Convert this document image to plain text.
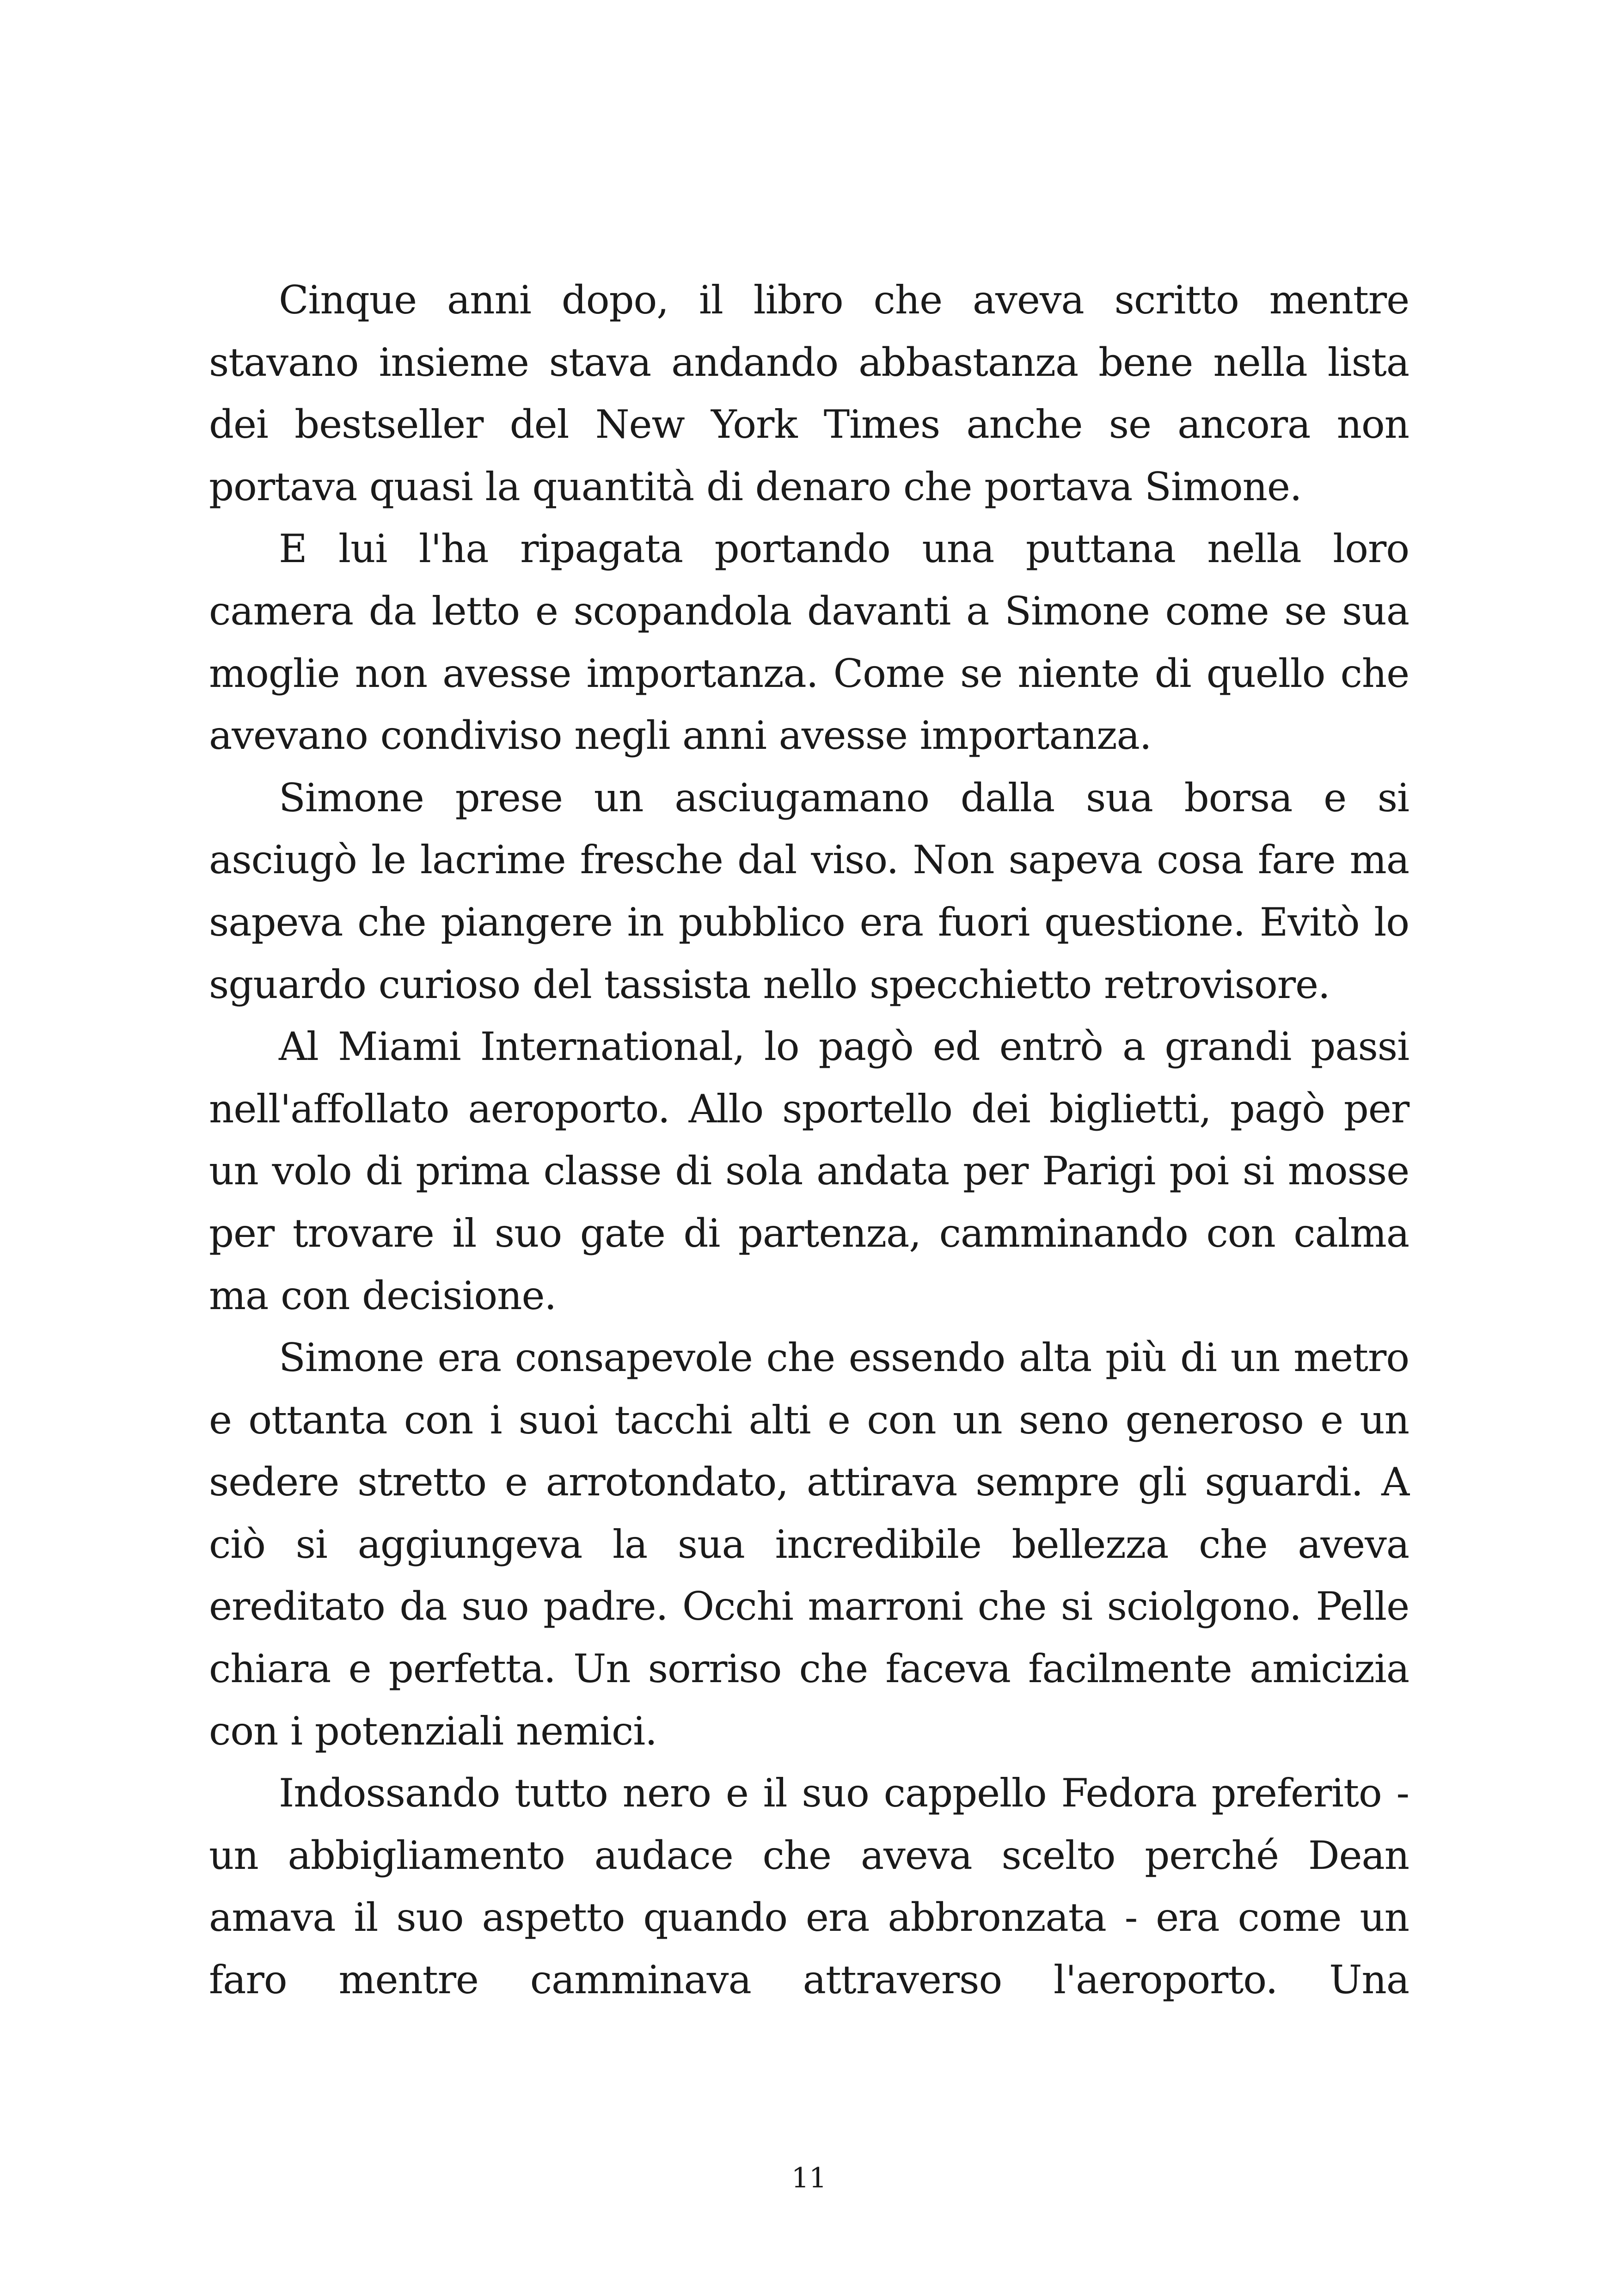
Cinque anni dopo, il libro che aveva scritto mentre stavano insieme stava andando abbastanza bene nella lista dei bestseller del New York Times anche se ancora non portava quasi la quantità di denaro che portava Simone.

E lui l'ha ripagata portando una puttana nella loro camera da letto e scopandola davanti a Simone come se sua moglie non avesse importanza. Come se niente di quello che avevano condiviso negli anni avesse importanza.

Simone prese un asciugamano dalla sua borsa e si asciugò le lacrime fresche dal viso. Non sapeva cosa fare ma sapeva che piangere in pubblico era fuori questione. Evitò lo sguardo curioso del tassista nello specchietto retrovisore.

Al Miami International, lo pagò ed entrò a grandi passi nell'affollato aeroporto. Allo sportello dei biglietti, pagò per un volo di prima classe di sola andata per Parigi poi si mosse per trovare il suo gate di partenza, camminando con calma ma con decisione.

Simone era consapevole che essendo alta più di un metro e ottanta con i suoi tacchi alti e con un seno generoso e un sedere stretto e arrotondato, attirava sempre gli sguardi. A ciò si aggiungeva la sua incredibile bellezza che aveva ereditato da suo padre. Occhi marroni che si sciolgono. Pelle chiara e perfetta. Un sorriso che faceva facilmente amicizia con i potenziali nemici.

Indossando tutto nero e il suo cappello Fedora preferito - un abbigliamento audace che aveva scelto perché Dean amava il suo aspetto quando era abbronzata - era come un faro mentre camminava attraverso l'aeroporto. Una

11
